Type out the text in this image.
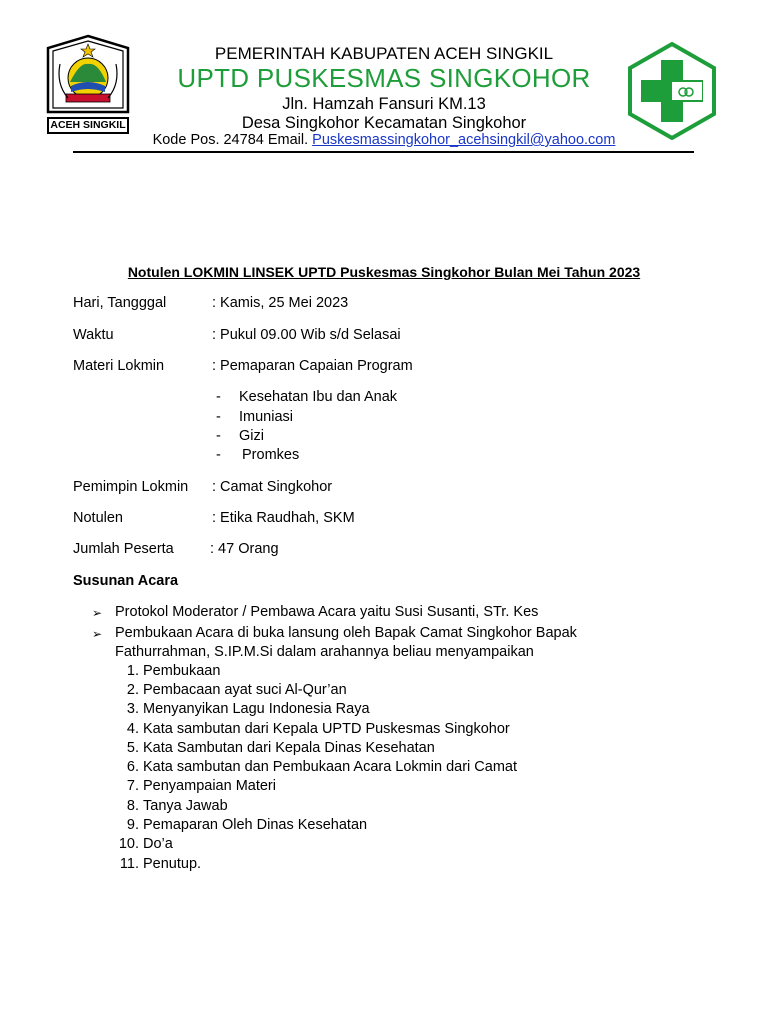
ACEH SINGKIL
PEMERINTAH KABUPATEN ACEH SINGKIL
UPTD PUSKESMAS SINGKOHOR
Jln. Hamzah Fansuri KM.13
Desa Singkohor Kecamatan Singkohor
Kode Pos. 24784 Email. Puskesmassingkohor_acehsingkil@yahoo.com
Notulen LOKMIN LINSEK UPTD Puskesmas Singkohor Bulan Mei Tahun 2023
Hari, Tangggal	: Kamis, 25 Mei 2023
Waktu	: Pukul 09.00 Wib s/d Selasai
Materi Lokmin	: Pemaparan Capaian Program
- Kesehatan Ibu dan Anak
- Imuniasi
- Gizi
- Promkes
Pemimpin Lokmin : Camat Singkohor
Notulen	: Etika Raudhah, SKM
Jumlah Peserta	: 47 Orang
Susunan Acara
➢ Protokol Moderator / Pembawa Acara yaitu Susi Susanti, STr. Kes
➢ Pembukaan Acara di buka lansung oleh Bapak Camat Singkohor Bapak
Fathurrahman, S.IP.M.Si dalam arahannya beliau menyampaikan
1. Pembukaan
2. Pembacaan ayat suci Al-Qur’an
3. Menyanyikan Lagu Indonesia Raya
4. Kata sambutan dari Kepala UPTD Puskesmas Singkohor
5. Kata Sambutan dari Kepala Dinas Kesehatan
6. Kata sambutan dan Pembukaan Acara Lokmin dari Camat
7. Penyampaian Materi
8. Tanya Jawab
9. Pemaparan Oleh Dinas Kesehatan
10. Do’a
11. Penutup.
